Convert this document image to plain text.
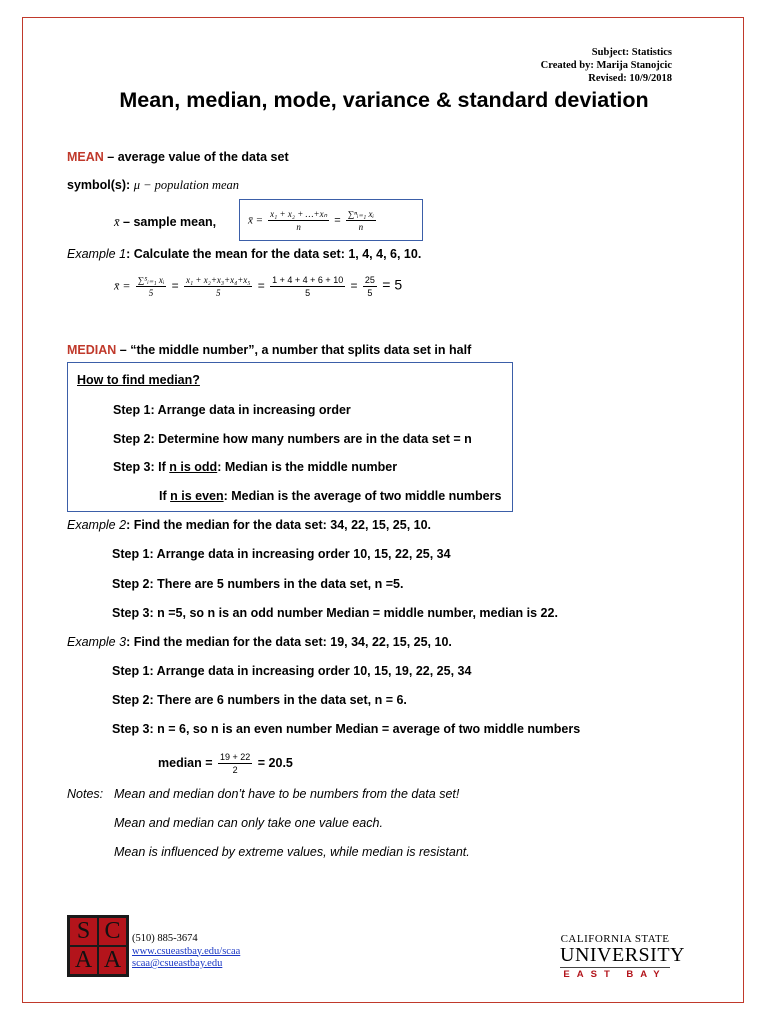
Subject: Statistics
Created by: Marija Stanojcic
Revised: 10/9/2018
Mean, median, mode, variance & standard deviation
MEAN – average value of the data set
symbol(s): μ − population mean
x̄ – sample mean,	x̄ = $\frac{\text{x₁ + x₂ + …+xₙ}}{n} = \frac{\text{∑ⁿᵢ₌₁ xᵢ}}{n}$
Example 1: Calculate the mean for the data set: 1, 4, 4, 6, 10.
x̄ = $\frac{\text{∑⁵ᵢ₌₁ xᵢ}}{5} = \frac{\text{x₁ + x₂+x₃+x₄+x₅}}{5} = \frac{1 + 4 + 4 + 6 + 10}{5} = \frac{25}{5} = 5$
MEDIAN – “the middle number”, a number that splits data set in half
How to find median?
Step 1: Arrange data in increasing order
Step 2: Determine how many numbers are in the data set = n
Step 3: If n is odd: Median is the middle number
If n is even: Median is the average of two middle numbers
Example 2: Find the median for the data set: 34, 22, 15, 25, 10.
Step 1: Arrange data in increasing order 10, 15, 22, 25, 34
Step 2: There are 5 numbers in the data set, n =5.
Step 3: n =5, so n is an odd number Median = middle number, median is 22.
Example 3: Find the median for the data set: 19, 34, 22, 15, 25, 10.
Step 1: Arrange data in increasing order 10, 15, 19, 22, 25, 34
Step 2: There are 6 numbers in the data set, n = 6.
Step 3: n = 6, so n is an even number Median = average of two middle numbers
median = $\frac{19 + 22}{2} = 20.5$
Notes: Mean and median don’t have to be numbers from the data set!
Mean and median can only take one value each.
Mean is influenced by extreme values, while median is resistant.
S C
A A
(510) 885-3674
www.csueastbay.edu/scaa
scaa@csueastbay.edu
CALIFORNIA STATE
UNIVERSITY
EAST BAY
